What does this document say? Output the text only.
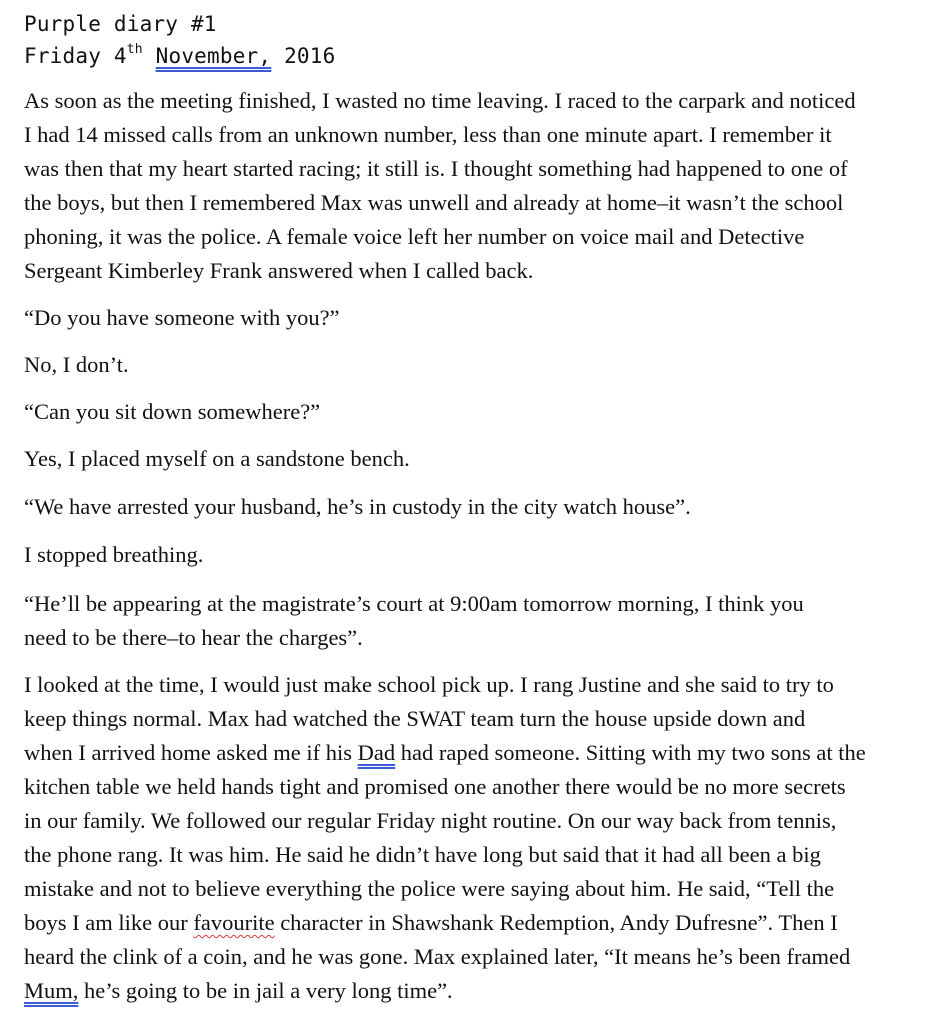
Purple diary #1
Friday 4th November, 2016

As soon as the meeting finished, I wasted no time leaving. I raced to the carpark and noticed
I had 14 missed calls from an unknown number, less than one minute apart. I remember it
was then that my heart started racing; it still is. I thought something had happened to one of
the boys, but then I remembered Max was unwell and already at home–it wasn’t the school
phoning, it was the police. A female voice left her number on voice mail and Detective
Sergeant Kimberley Frank answered when I called back.

“Do you have someone with you?”

No, I don’t.

“Can you sit down somewhere?”

Yes, I placed myself on a sandstone bench.

“We have arrested your husband, he’s in custody in the city watch house”.

I stopped breathing.

“He’ll be appearing at the magistrate’s court at 9:00am tomorrow morning, I think you
need to be there–to hear the charges”.

I looked at the time, I would just make school pick up. I rang Justine and she said to try to
keep things normal. Max had watched the SWAT team turn the house upside down and
when I arrived home asked me if his Dad had raped someone. Sitting with my two sons at the
kitchen table we held hands tight and promised one another there would be no more secrets
in our family. We followed our regular Friday night routine. On our way back from tennis,
the phone rang. It was him. He said he didn’t have long but said that it had all been a big
mistake and not to believe everything the police were saying about him. He said, “Tell the
boys I am like our favourite character in Shawshank Redemption, Andy Dufresne”. Then I
heard the clink of a coin, and he was gone. Max explained later, “It means he’s been framed
Mum, he’s going to be in jail a very long time”.
